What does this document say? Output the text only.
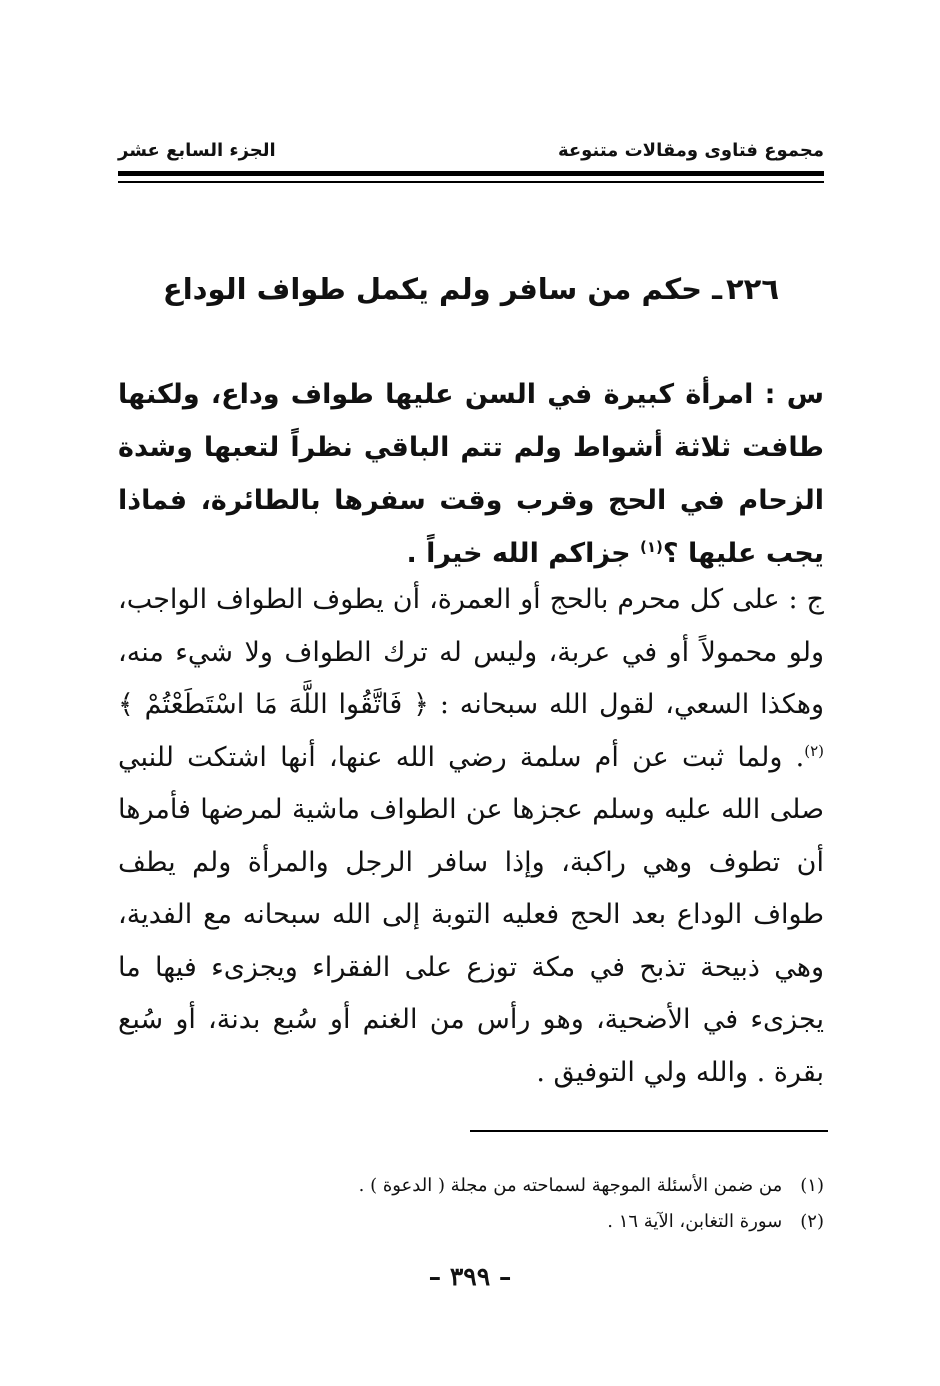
مجموع فتاوى ومقالات متنوعة
الجزء السابع عشر
٢٢٦ـ حكم من سافر ولم يكمل طواف الوداع
س : امرأة كبيرة في السن عليها طواف وداع، ولكنها طافت ثلاثة أشواط ولم تتم الباقي نظراً لتعبها وشدة الزحام في الحج وقرب وقت سفرها بالطائرة، فماذا يجب عليها ؟$^{(١)}$ جزاكم الله خيراً .
ج : على كل محرم بالحج أو العمرة، أن يطوف الطواف الواجب، ولو محمولاً أو في عربة، وليس له ترك الطواف ولا شيء منه، وهكذا السعي، لقول الله سبحانه : ﴿ فَاتَّقُوا اللَّهَ مَا اسْتَطَعْتُمْ ﴾$^{(٢)}$. ولما ثبت عن أم سلمة رضي الله عنها، أنها اشتكت للنبي صلى الله عليه وسلم عجزها عن الطواف ماشية لمرضها فأمرها أن تطوف وهي راكبة، وإذا سافر الرجل والمرأة ولم يطف طواف الوداع بعد الحج فعليه التوبة إلى الله سبحانه مع الفدية، وهي ذبيحة تذبح في مكة توزع على الفقراء ويجزىء فيها ما يجزىء في الأضحية، وهو رأس من الغنم أو سُبع بدنة، أو سُبع بقرة . والله ولي التوفيق .
(١)من ضمن الأسئلة الموجهة لسماحته من مجلة ( الدعوة ) .
(٢)سورة التغابن، الآية ١٦ .
– ٣٩٩ –
